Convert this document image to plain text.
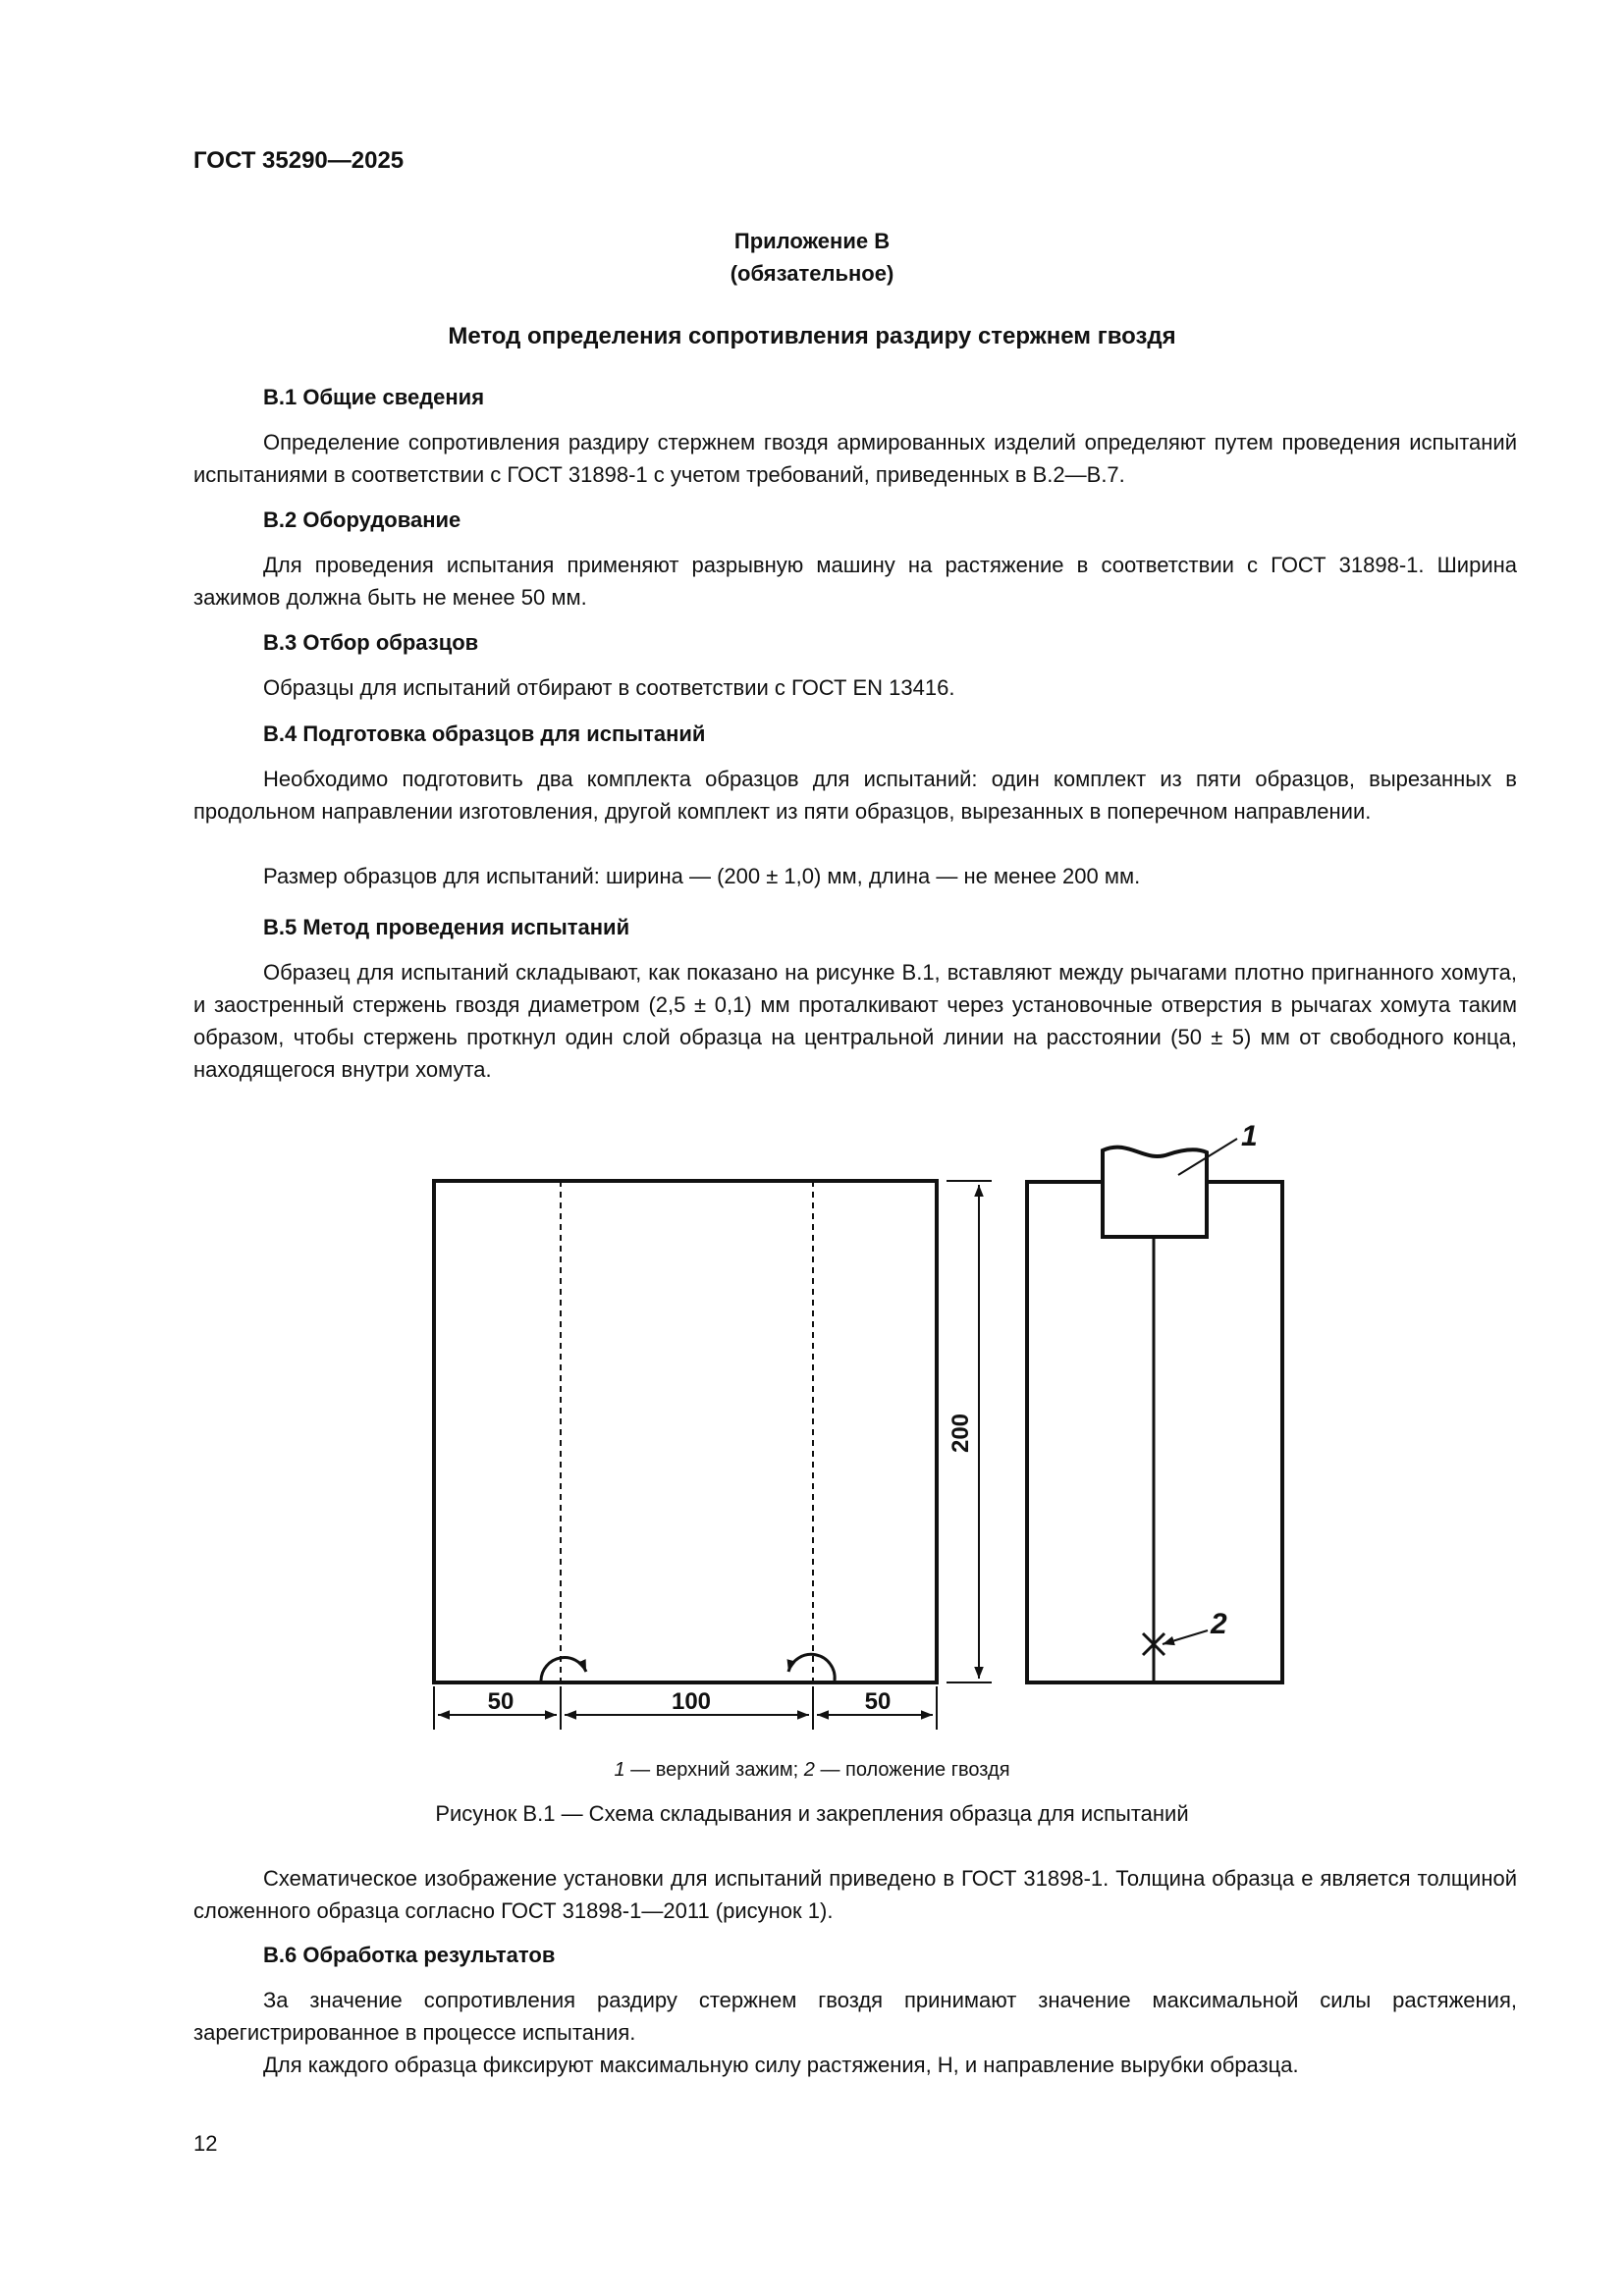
ГОСТ 35290—2025
Приложение В
(обязательное)
Метод определения сопротивления раздиру стержнем гвоздя
В.1 Общие сведения

Определение сопротивления раздиру стержнем гвоздя армированных изделий определяют путем проведения испытаний испытаниями в соответствии с ГОСТ 31898-1 с учетом требований, приведенных в В.2—В.7.

В.2 Оборудование

Для проведения испытания применяют разрывную машину на растяжение в соответствии с ГОСТ 31898-1. Ширина зажимов должна быть не менее 50 мм.

В.3 Отбор образцов

Образцы для испытаний отбирают в соответствии с ГОСТ EN 13416.

В.4 Подготовка образцов для испытаний

Необходимо подготовить два комплекта образцов для испытаний: один комплект из пяти образцов, вырезанных в продольном направлении изготовления, другой комплект из пяти образцов, вырезанных в поперечном направлении.

Размер образцов для испытаний: ширина — (200 ± 1,0) мм, длина — не менее 200 мм.

В.5 Метод проведения испытаний

Образец для испытаний складывают, как показано на рисунке В.1, вставляют между рычагами плотно пригнанного хомута, и заостренный стержень гвоздя диаметром (2,5 ± 0,1) мм проталкивают через установочные отверстия в рычагах хомута таким образом, чтобы стержень проткнул один слой образца на центральной линии на расстоянии (50 ± 5) мм от свободного конца, находящегося внутри хомута.

200
50	100	50
1
2
1 — верхний зажим; 2 — положение гвоздя
Рисунок В.1 — Схема складывания и закрепления образца для испытаний

Схематическое изображение установки для испытаний приведено в ГОСТ 31898-1. Толщина образца e является толщиной сложенного образца согласно ГОСТ 31898-1—2011 (рисунок 1).

В.6 Обработка результатов

За значение сопротивления раздиру стержнем гвоздя принимают значение максимальной силы растяжения, зарегистрированное в процессе испытания.

Для каждого образца фиксируют максимальную силу растяжения, Н, и направление вырубки образца.

12
